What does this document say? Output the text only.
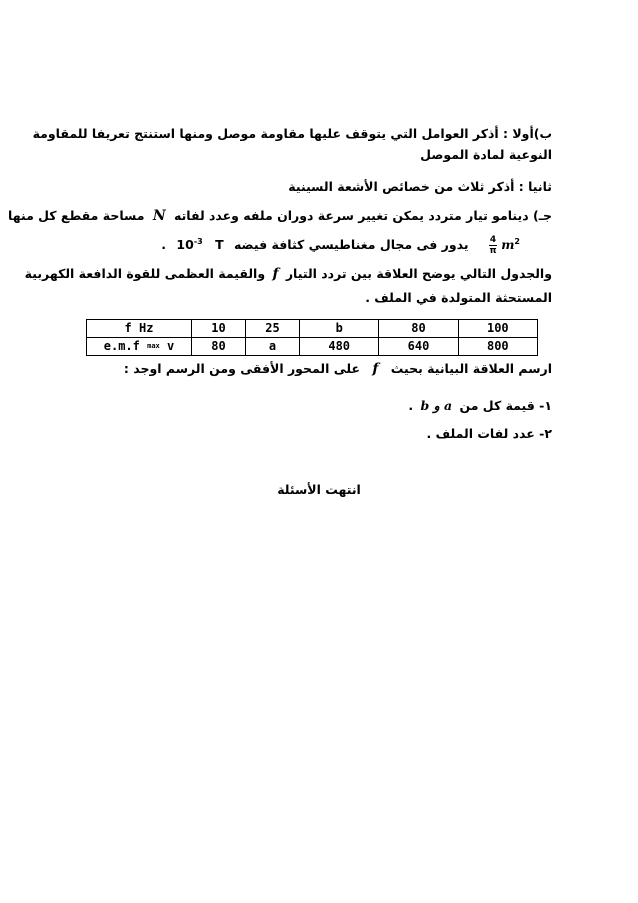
ب)أولا : أذكر العوامل التي يتوقف عليها مقاومة موصل ومنها استنتج تعريفا للمقاومة
النوعية لمادة الموصل
ثانيا : أذكر ثلاث من خصائص الأشعة السينية
جـ) دينامو تيار متردد يمكن تغيير سرعة دوران ملفه وعدد لفاته N مساحة مقطع كل منها
$\frac{4}{\pi} m^2$ يدور فى مجال مغناطيسي كثافة فيضه . $10^{-3}$ T
والجدول التالي يوضح العلاقة بين تردد التيار f والقيمة العظمى للقوة الدافعة الكهربية
المستحثة المتولدة في الملف .
f Hz	10	25	b	80	100
e.m.f max v	80	a	480	640	800
ارسم العلاقة البيانية بحيث f على المحور الأفقى ومن الرسم اوجد :
١- قيمة كل من a و b .
٢- عدد لفات الملف .
انتهت الأسئلة
